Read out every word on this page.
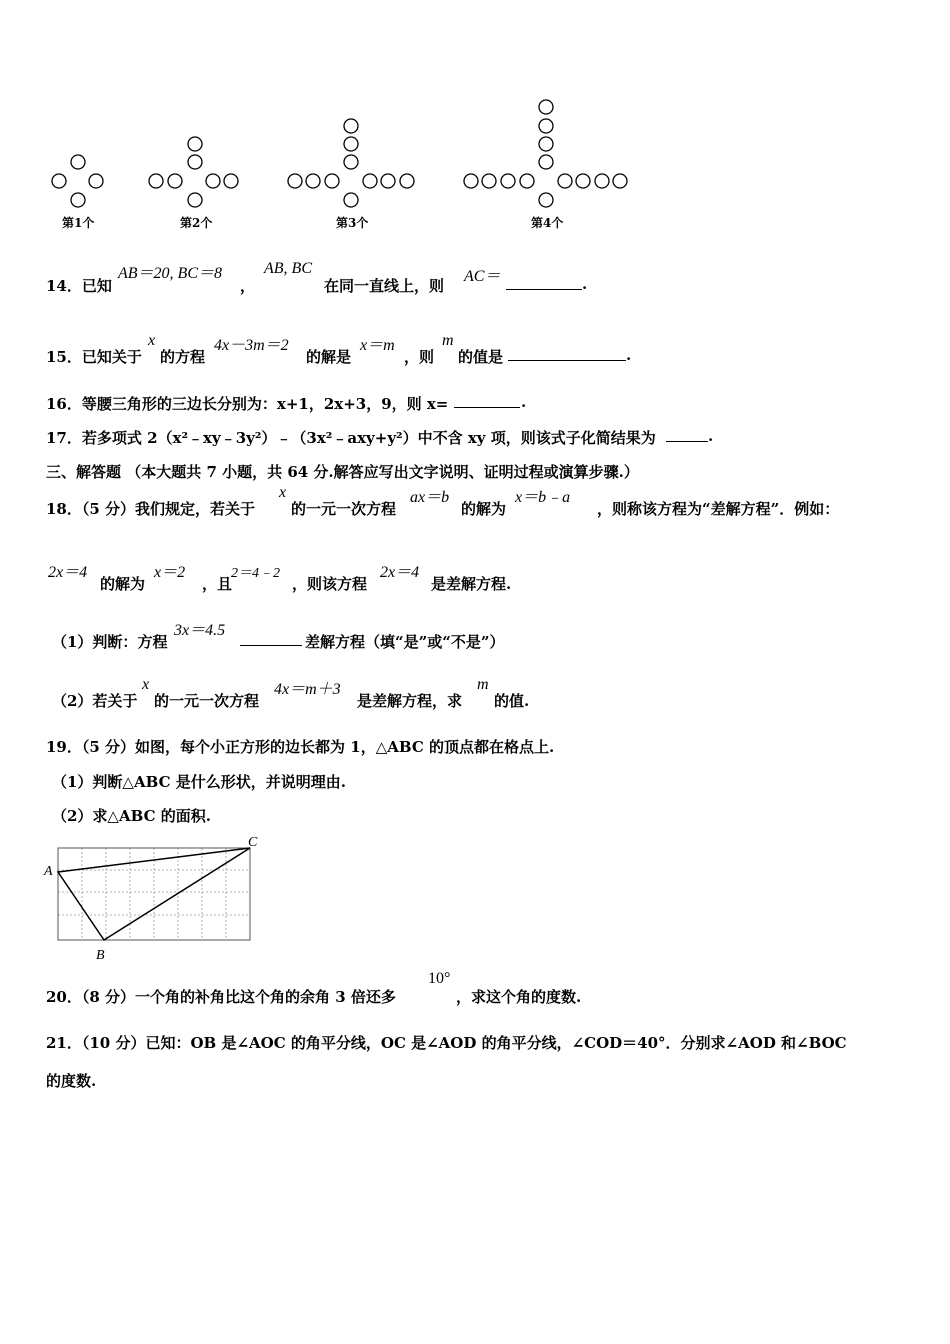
第1个	第2个	第3个	第4个
14．已知
AB＝20, BC＝8
，
AB, BC
在同一直线上，则
AC＝	.
15．已知关于
x
的方程
4x－3m＝2
的解是
x＝m
，则
m
的值是	.
16．等腰三角形的三边长分别为：x+1，2x+3，9，则 x=	.
17．若多项式 2（x²﹣xy﹣3y²）﹣（3x²﹣axy+y²）中不含 xy 项，则该式子化简结果为	.
三、解答题 （本大题共 7 小题，共 64 分.解答应写出文字说明、证明过程或演算步骤.）
18．（5 分）我们规定，若关于
x
的一元一次方程
ax＝b
的解为
x＝b﹣a
，则称该方程为“差解方程”．例如：
2x＝4
的解为
x＝2
，且
2＝4﹣2
，则该方程
2x＝4
是差解方程.
（1）判断：方程
3x＝4.5
差解方程（填“是”或“不是”）
（2）若关于
x
的一元一次方程
4x＝m＋3
是差解方程，求
m
的值.
19．（5 分）如图，每个小正方形的边长都为 1，△ABC 的顶点都在格点上.
（1）判断△ABC 是什么形状，并说明理由.
（2）求△ABC 的面积.
A
B
C
20．（8 分）一个角的补角比这个角的余角 3 倍还多
10°
，求这个角的度数.
21．（10 分）已知：OB 是∠AOC 的角平分线，OC 是∠AOD 的角平分线，∠COD＝40°．分别求∠AOD 和∠BOC
的度数.
